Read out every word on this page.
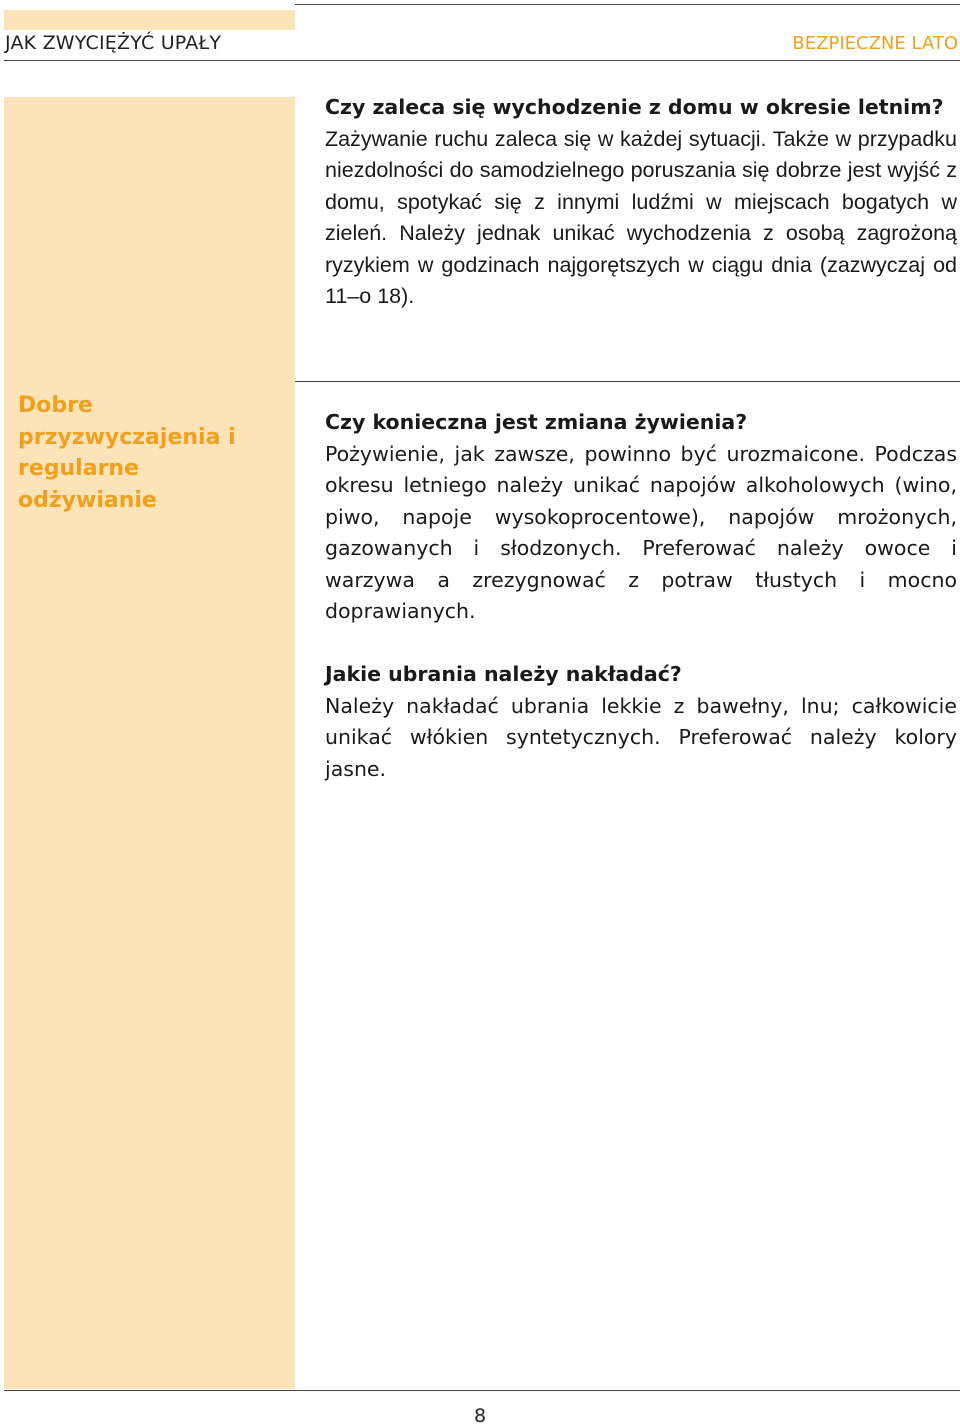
JAK ZWYCIĘŻYĆ UPAŁY	BEZPIECZNE LATO
Dobre
przyzwyczajenia i
regularne
odżywianie

Czy zaleca się wychodzenie z domu w okresie letnim?

Zażywanie ruchu zaleca się w każdej sytuacji. Także w przypadku niezdolności do samodzielnego poruszania się dobrze jest wyjść z domu, spotykać się z innymi ludźmi w miejscach bogatych w zieleń. Należy jednak unikać wychodzenia z osobą zagrożoną ryzykiem w godzinach najgorętszych w ciągu dnia (zazwyczaj od 11–o 18).

Czy konieczna jest zmiana żywienia?

Pożywienie, jak zawsze, powinno być urozmaicone. Podczas okresu letniego należy unikać napojów alkoholowych (wino, piwo, napoje wysokoprocentowe), napojów mrożonych, gazowanych i słodzonych. Preferować należy owoce i warzywa a zrezygnować z potraw tłustych i mocno doprawianych.

Jakie ubrania należy nakładać?

Należy nakładać ubrania lekkie z bawełny, lnu; całkowicie unikać włókien syntetycznych. Preferować należy kolory jasne.

8
